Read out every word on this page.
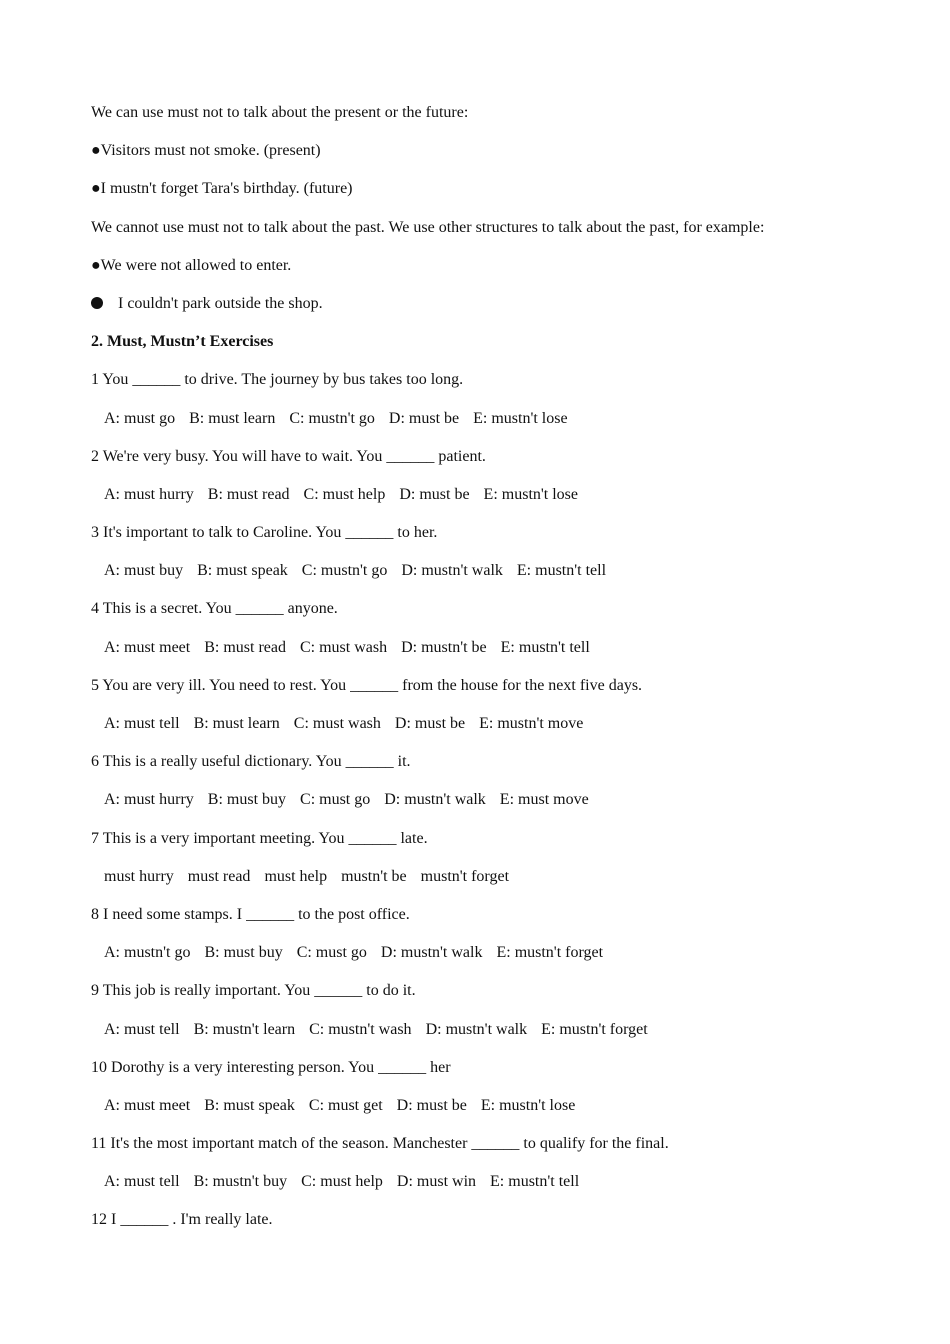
We can use must not to talk about the present or the future:
●Visitors must not smoke. (present)
●I mustn't forget Tara's birthday. (future)
We cannot use must not to talk about the past. We use other structures to talk about the past, for example:
●We were not allowed to enter.
I couldn't park outside the shop.
2. Must, Mustn’t Exercises
1 You ______ to drive. The journey by bus takes too long.
A: must go B: must learn C: mustn't go D: must be E: mustn't lose
2 We're very busy. You will have to wait. You ______ patient.
A: must hurry B: must read C: must help D: must be E: mustn't lose
3 It's important to talk to Caroline. You ______ to her.
A: must buy B: must speak C: mustn't go D: mustn't walk E: mustn't tell
4 This is a secret. You ______ anyone.
A: must meet B: must read C: must wash D: mustn't be E: mustn't tell
5 You are very ill. You need to rest. You ______ from the house for the next five days.
A: must tell B: must learn C: must wash D: must be E: mustn't move
6 This is a really useful dictionary. You ______ it.
A: must hurry B: must buy C: must go D: mustn't walk E: must move
7 This is a very important meeting. You ______ late.
must hurry must read must help mustn't be mustn't forget
8 I need some stamps. I ______ to the post office.
A: mustn't go B: must buy C: must go D: mustn't walk E: mustn't forget
9 This job is really important. You ______ to do it.
A: must tell B: mustn't learn C: mustn't wash D: mustn't walk E: mustn't forget
10 Dorothy is a very interesting person. You ______ her
A: must meet B: must speak C: must get D: must be E: mustn't lose
11 It's the most important match of the season. Manchester ______ to qualify for the final.
A: must tell B: mustn't buy C: must help D: must win E: mustn't tell
12 I ______ . I'm really late.
